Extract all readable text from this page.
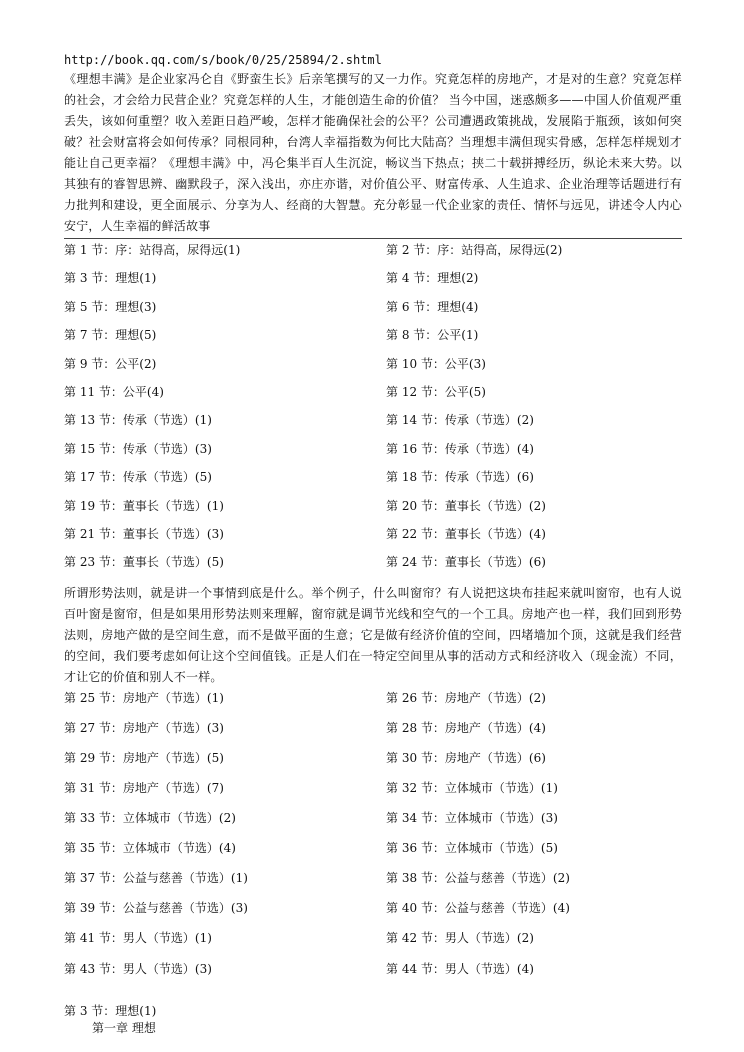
http://book.qq.com/s/book/0/25/25894/2.shtml

《理想丰满》是企业家冯仑自《野蛮生长》后亲笔撰写的又一力作。究竟怎样的房地产，才是对的生意？究竟怎样的社会，才会给力民营企业？究竟怎样的人生，才能创造生命的价值？ 当今中国，迷惑颇多——中国人价值观严重丢失，该如何重塑？收入差距日趋严峻，怎样才能确保社会的公平？公司遭遇政策挑战，发展陷于瓶颈，该如何突破？社会财富将会如何传承？同根同种，台湾人幸福指数为何比大陆高？当理想丰满但现实骨感，怎样怎样规划才能让自己更幸福？《理想丰满》中，冯仑集半百人生沉淀，畅议当下热点；挟二十载拼搏经历，纵论未来大势。以其独有的睿智思辨、幽默段子，深入浅出，亦庄亦谐，对价值公平、财富传承、人生追求、企业治理等话题进行有力批判和建设，更全面展示、分享为人、经商的大智慧。充分彰显一代企业家的责任、情怀与远见，讲述令人内心安宁，人生幸福的鲜活故事

第 1 节：序：站得高，尿得远(1)	第 2 节：序：站得高，尿得远(2)
第 3 节：理想(1)	第 4 节：理想(2)
第 5 节：理想(3)	第 6 节：理想(4)
第 7 节：理想(5)	第 8 节：公平(1)
第 9 节：公平(2)	第 10 节：公平(3)
第 11 节：公平(4)	第 12 节：公平(5)
第 13 节：传承（节选）(1)	第 14 节：传承（节选）(2)
第 15 节：传承（节选）(3)	第 16 节：传承（节选）(4)
第 17 节：传承（节选）(5)	第 18 节：传承（节选）(6)
第 19 节：董事长（节选）(1)	第 20 节：董事长（节选）(2)
第 21 节：董事长（节选）(3)	第 22 节：董事长（节选）(4)
第 23 节：董事长（节选）(5)	第 24 节：董事长（节选）(6)

所谓形势法则，就是讲一个事情到底是什么。举个例子，什么叫窗帘？有人说把这块布挂起来就叫窗帘，也有人说百叶窗是窗帘，但是如果用形势法则来理解，窗帘就是调节光线和空气的一个工具。房地产也一样，我们回到形势法则，房地产做的是空间生意，而不是做平面的生意；它是做有经济价值的空间，四堵墙加个顶，这就是我们经营的空间，我们要考虑如何让这个空间值钱。正是人们在一特定空间里从事的活动方式和经济收入（现金流）不同，才让它的价值和别人不一样。

第 25 节：房地产（节选）(1)	第 26 节：房地产（节选）(2)
第 27 节：房地产（节选）(3)	第 28 节：房地产（节选）(4)
第 29 节：房地产（节选）(5)	第 30 节：房地产（节选）(6)
第 31 节：房地产（节选）(7)	第 32 节：立体城市（节选）(1)
第 33 节：立体城市（节选）(2)	第 34 节：立体城市（节选）(3)
第 35 节：立体城市（节选）(4)	第 36 节：立体城市（节选）(5)
第 37 节：公益与慈善（节选）(1)	第 38 节：公益与慈善（节选）(2)
第 39 节：公益与慈善（节选）(3)	第 40 节：公益与慈善（节选）(4)
第 41 节：男人（节选）(1)	第 42 节：男人（节选）(2)
第 43 节：男人（节选）(3)	第 44 节：男人（节选）(4)
第 3 节：理想(1)
第一章 理想
